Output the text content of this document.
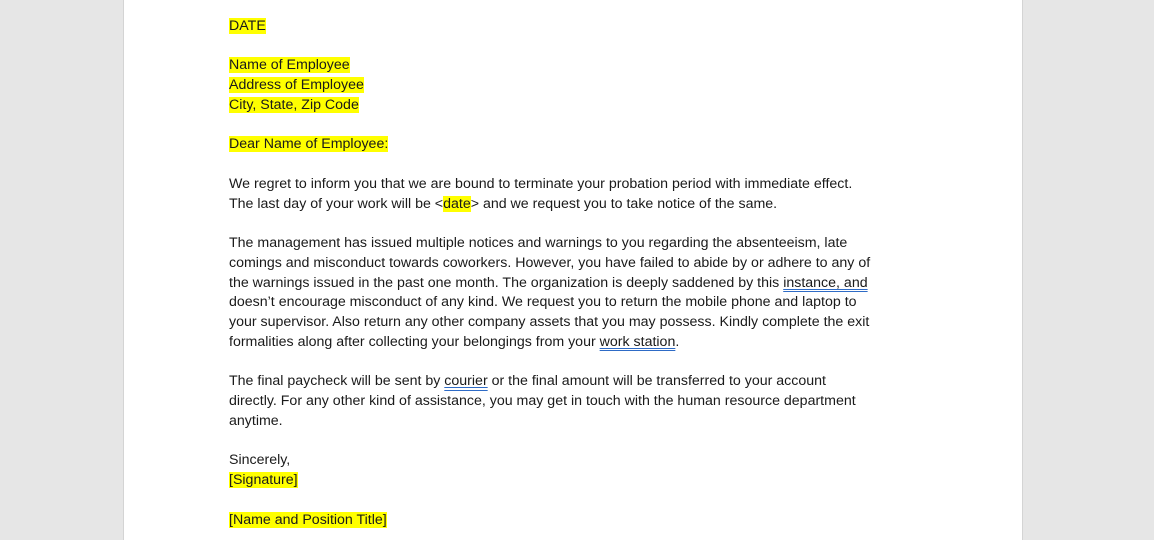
DATE

Name of Employee
Address of Employee
City, State, Zip Code

Dear Name of Employee:

We regret to inform you that we are bound to terminate your probation period with immediate effect.
The last day of your work will be <date> and we request you to take notice of the same.

The management has issued multiple notices and warnings to you regarding the absenteeism, late
comings and misconduct towards coworkers. However, you have failed to abide by or adhere to any of
the warnings issued in the past one month. The organization is deeply saddened by this instance, and
doesn’t encourage misconduct of any kind. We request you to return the mobile phone and laptop to
your supervisor. Also return any other company assets that you may possess. Kindly complete the exit
formalities along after collecting your belongings from your work station.

The final paycheck will be sent by courier or the final amount will be transferred to your account
directly. For any other kind of assistance, you may get in touch with the human resource department
anytime.

Sincerely,
[Signature]

[Name and Position Title]
